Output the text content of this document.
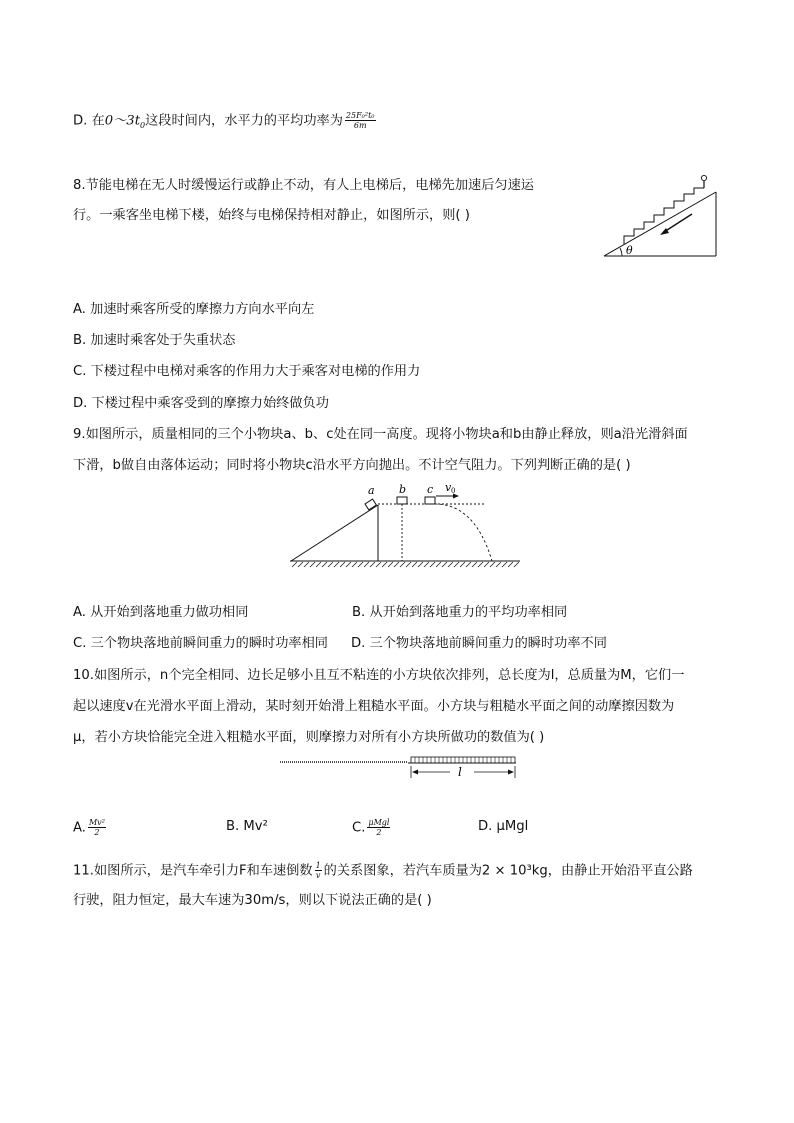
D. 在$0\sim 3t_0$这段时间内，水平力的平均功率为 $\frac{\text{25F₀²t₀}}{6m}$
8.节能电梯在无人时缓慢运行或静止不动，有人上电梯后，电梯先加速后匀速运
行。一乘客坐电梯下楼，始终与电梯保持相对静止，如图所示，则( )
θ
A. 加速时乘客所受的摩擦力方向水平向左
B. 加速时乘客处于失重状态
C. 下楼过程中电梯对乘客的作用力大于乘客对电梯的作用力
D. 下楼过程中乘客受到的摩擦力始终做负功
9.如图所示，质量相同的三个小物块a、b、c处在同一高度。现将小物块a和b由静止释放，则a沿光滑斜面
下滑，b做自由落体运动；同时将小物块c沿水平方向抛出。不计空气阻力。下列判断正确的是( )
a b c v 0
A. 从开始到落地重力做功相同	B. 从开始到落地重力的平均功率相同
C. 三个物块落地前瞬间重力的瞬时功率相同 D. 三个物块落地前瞬间重力的瞬时功率不同
10.如图所示，n个完全相同、边长足够小且互不粘连的小方块依次排列，总长度为l，总质量为M，它们一
起以速度v在光滑水平面上滑动，某时刻开始滑上粗糙水平面。小方块与粗糙水平面之间的动摩擦因数为
μ，若小方块恰能完全进入粗糙水平面，则摩擦力对所有小方块所做功的数值为( )
l
A. $\frac{\text{Mv²}}{2}$	B. Mv²	C. $\frac{\text{μMgl}}{2}$	D. μMgl
11.如图所示，是汽车牵引力F和车速倒数 $\frac{1}{v}$ 的关系图象，若汽车质量为2 × 10³kg，由静止开始沿平直公路
行驶，阻力恒定，最大车速为30m/s，则以下说法正确的是( )
